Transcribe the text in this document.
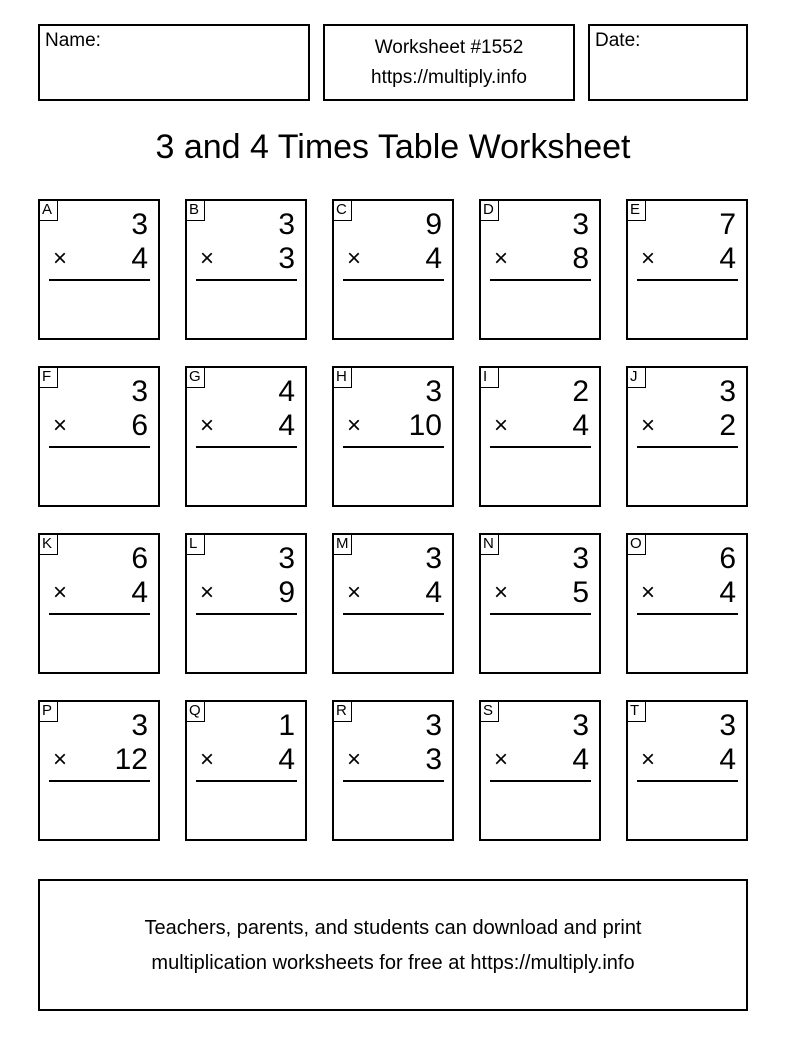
Name:	Worksheet #1552
https://multiply.info
Date:
3 and 4 Times Table Worksheet
A	3
× 4
B	3
× 3
C	9
× 4
D	3
× 8
E	7
× 4
F	3
× 6
G	4
× 4
H	3
× 10
I	2
× 4
J	3
× 2
K	6
× 4
L	3
× 9
M	3
× 4
N	3
× 5
O	6
× 4
P	3
× 12
Q	1
× 4
R	3
× 3
S	3
× 4
T	3
× 4
Teachers, parents, and students can download and print
multiplication worksheets for free at https://multiply.info
